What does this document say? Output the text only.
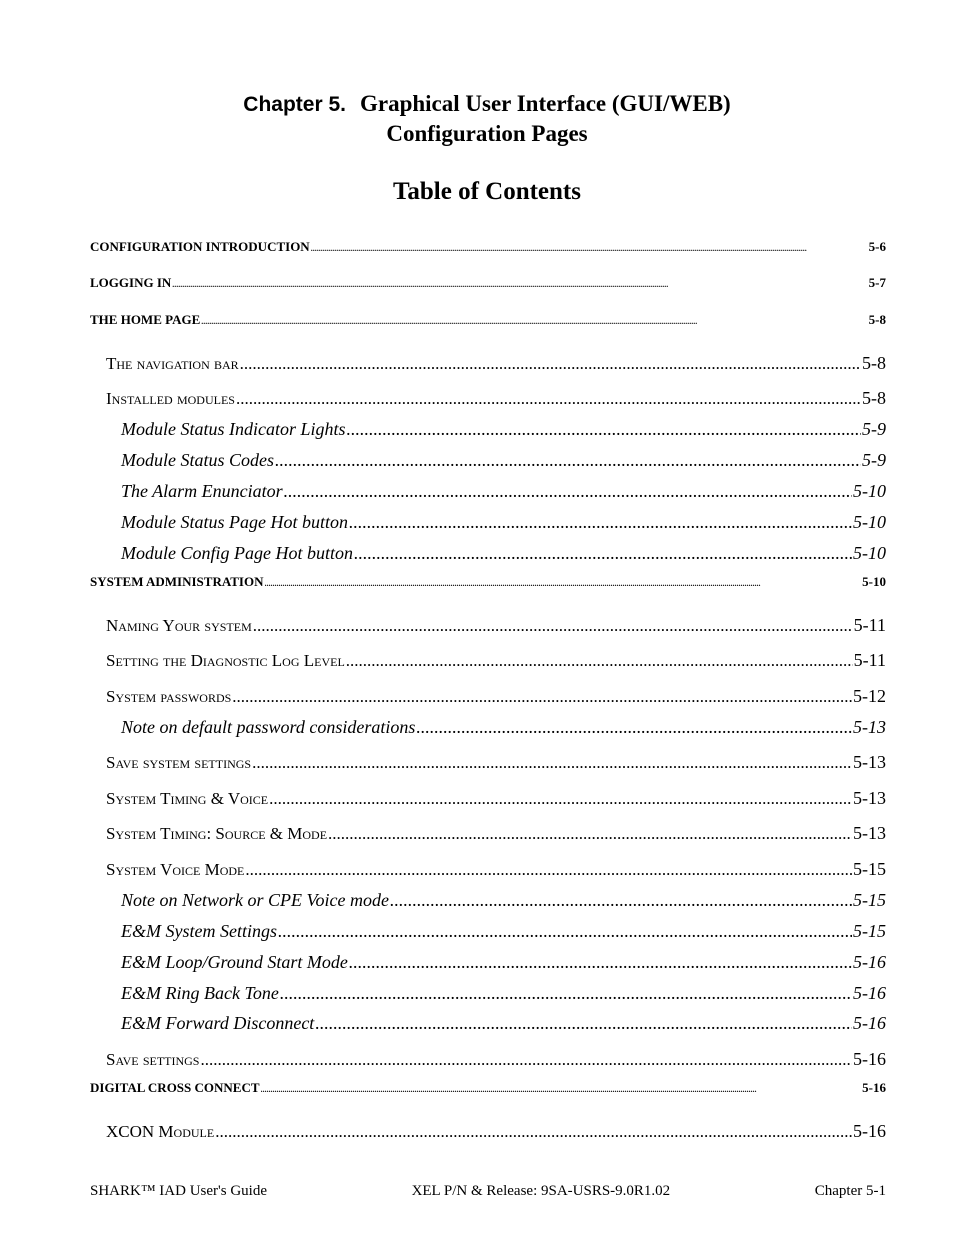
Chapter 5. Graphical User Interface (GUI/WEB)
Configuration Pages
Table of Contents
CONFIGURATION INTRODUCTION .....	5-6
LOGGING IN .....	5-7
THE HOME PAGE .....	5-8
The navigation bar .....	5-8
Installed modules .....	5-8
Module Status Indicator Lights .....	5-9
Module Status Codes .....	5-9
The Alarm Enunciator .....	5-10
Module Status Page Hot button .....	5-10
Module Config Page Hot button .....	5-10
SYSTEM ADMINISTRATION .....	5-10
Naming Your system .....	5-11
Setting the Diagnostic Log Level .....	5-11
System passwords .....	5-12
Note on default password considerations .....	5-13
Save system settings .....	5-13
System Timing & Voice .....	5-13
System Timing: Source & Mode .....	5-13
System Voice Mode .....	5-15
Note on Network or CPE Voice mode .....	5-15
E&M System Settings .....	5-15
E&M Loop/Ground Start Mode .....	5-16
E&M Ring Back Tone .....	5-16
E&M Forward Disconnect .....	5-16
Save settings .....	5-16
DIGITAL CROSS CONNECT .....	5-16
XCON Module .....	5-16
SHARK™ IAD User's Guide	XEL P/N & Release: 9SA-USRS-9.0R1.02	Chapter 5-1
